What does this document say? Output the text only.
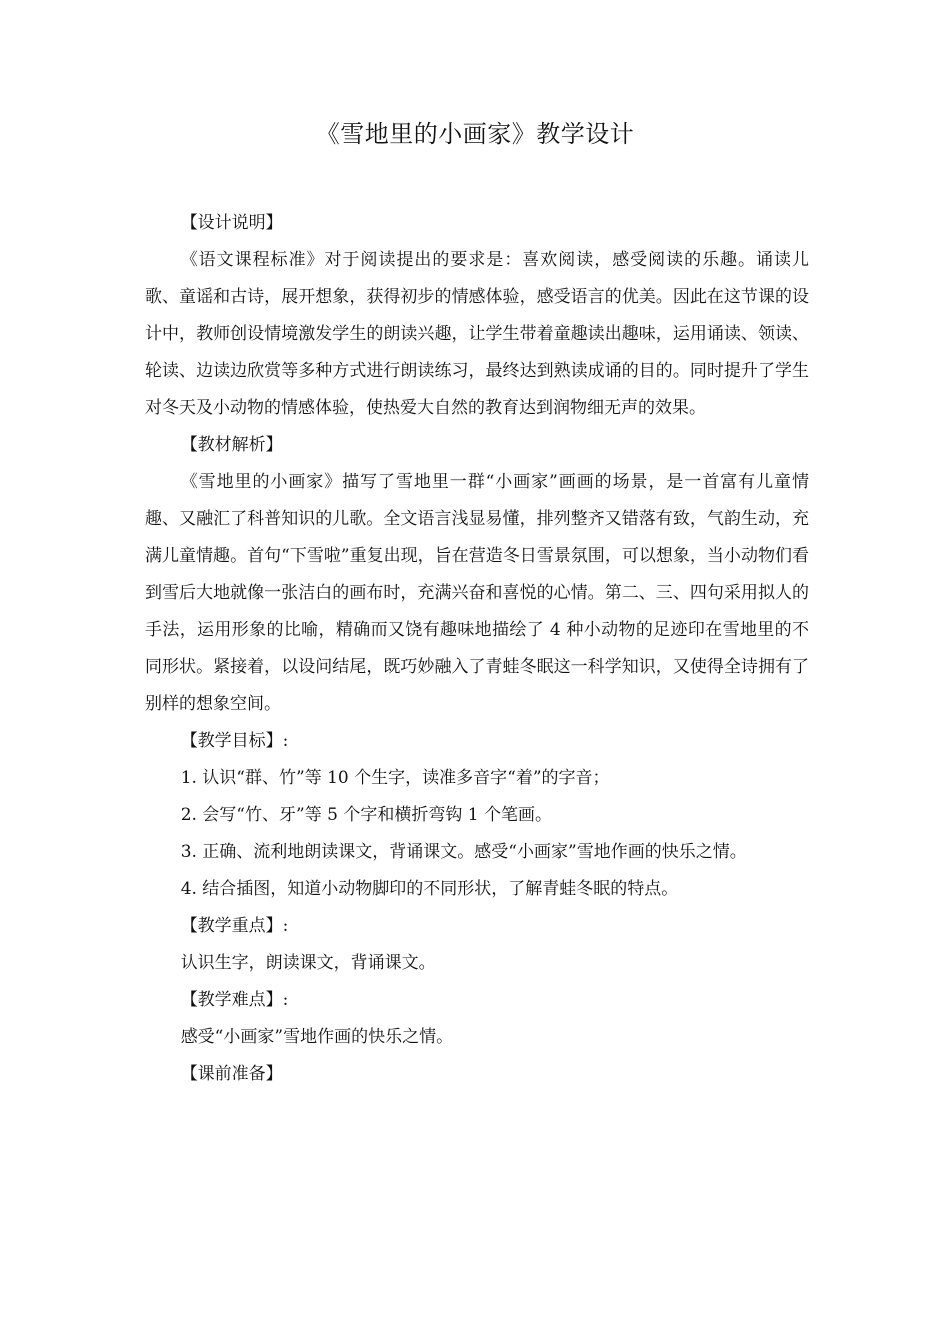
《雪地里的小画家》教学设计

【设计说明】

《语文课程标准》对于阅读提出的要求是：喜欢阅读，感受阅读的乐趣。诵读儿歌、童谣和古诗，展开想象，获得初步的情感体验，感受语言的优美。因此在这节课的设计中，教师创设情境激发学生的朗读兴趣，让学生带着童趣读出趣味，运用诵读、领读、轮读、边读边欣赏等多种方式进行朗读练习，最终达到熟读成诵的目的。同时提升了学生对冬天及小动物的情感体验，使热爱大自然的教育达到润物细无声的效果。

【教材解析】

《雪地里的小画家》描写了雪地里一群“小画家”画画的场景，是一首富有儿童情趣、又融汇了科普知识的儿歌。全文语言浅显易懂，排列整齐又错落有致，气韵生动，充满儿童情趣。首句“下雪啦”重复出现，旨在营造冬日雪景氛围，可以想象，当小动物们看到雪后大地就像一张洁白的画布时，充满兴奋和喜悦的心情。第二、三、四句采用拟人的手法，运用形象的比喻，精确而又饶有趣味地描绘了 4 种小动物的足迹印在雪地里的不同形状。紧接着，以设问结尾，既巧妙融入了青蛙冬眠这一科学知识，又使得全诗拥有了别样的想象空间。

【教学目标】:

1. 认识“群、竹”等 10 个生字，读准多音字“着”的字音；

2. 会写“竹、牙”等 5 个字和横折弯钩 1 个笔画。

3. 正确、流利地朗读课文，背诵课文。感受“小画家”雪地作画的快乐之情。

4. 结合插图，知道小动物脚印的不同形状，了解青蛙冬眠的特点。

【教学重点】:

认识生字，朗读课文，背诵课文。

【教学难点】:

感受“小画家”雪地作画的快乐之情。

【课前准备】
